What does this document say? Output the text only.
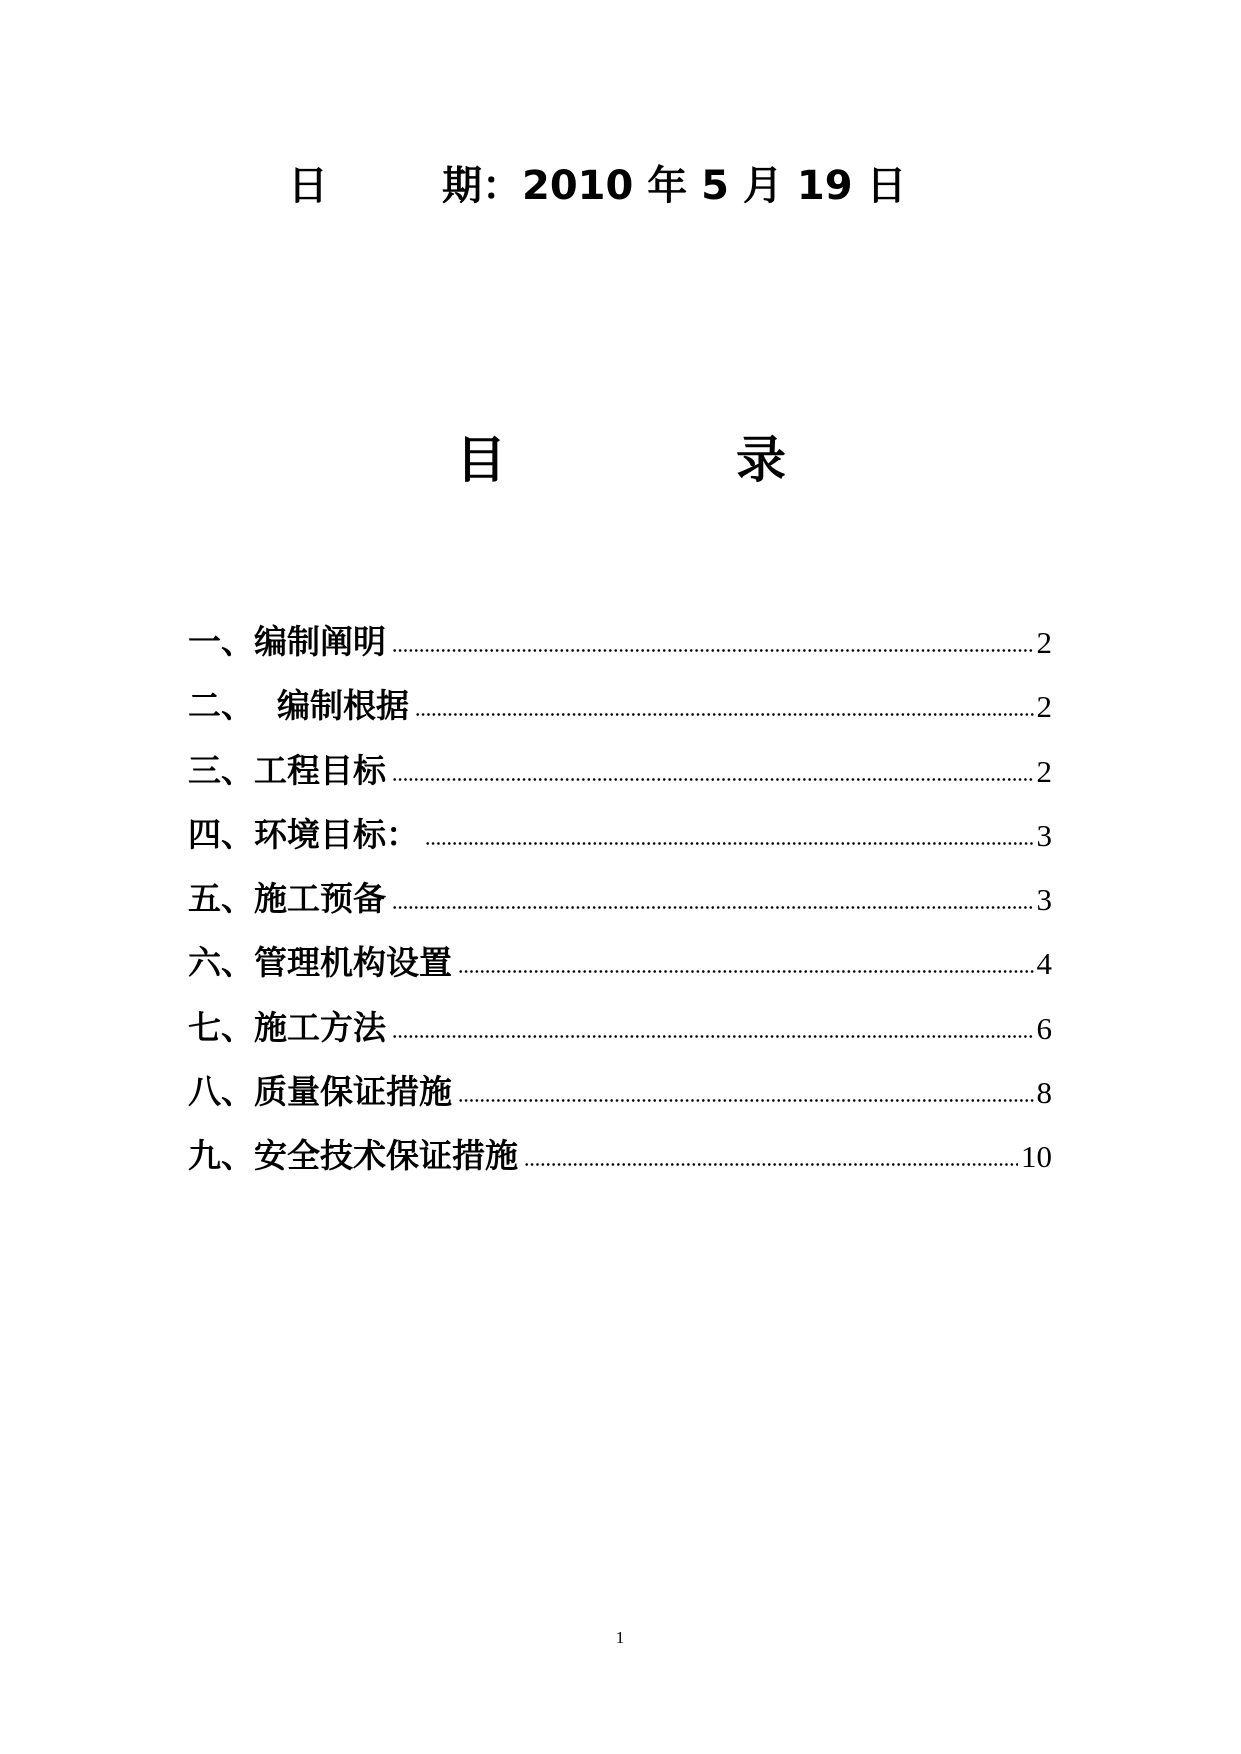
日	期：2010 年 5 月 19 日
目	录
一、编制阐明	2
二、  编制根据	2
三、工程目标	2
四、环境目标：	3
五、施工预备	3
六、管理机构设置	4
七、施工方法	6
八、质量保证措施	8
九、安全技术保证措施	10
1
